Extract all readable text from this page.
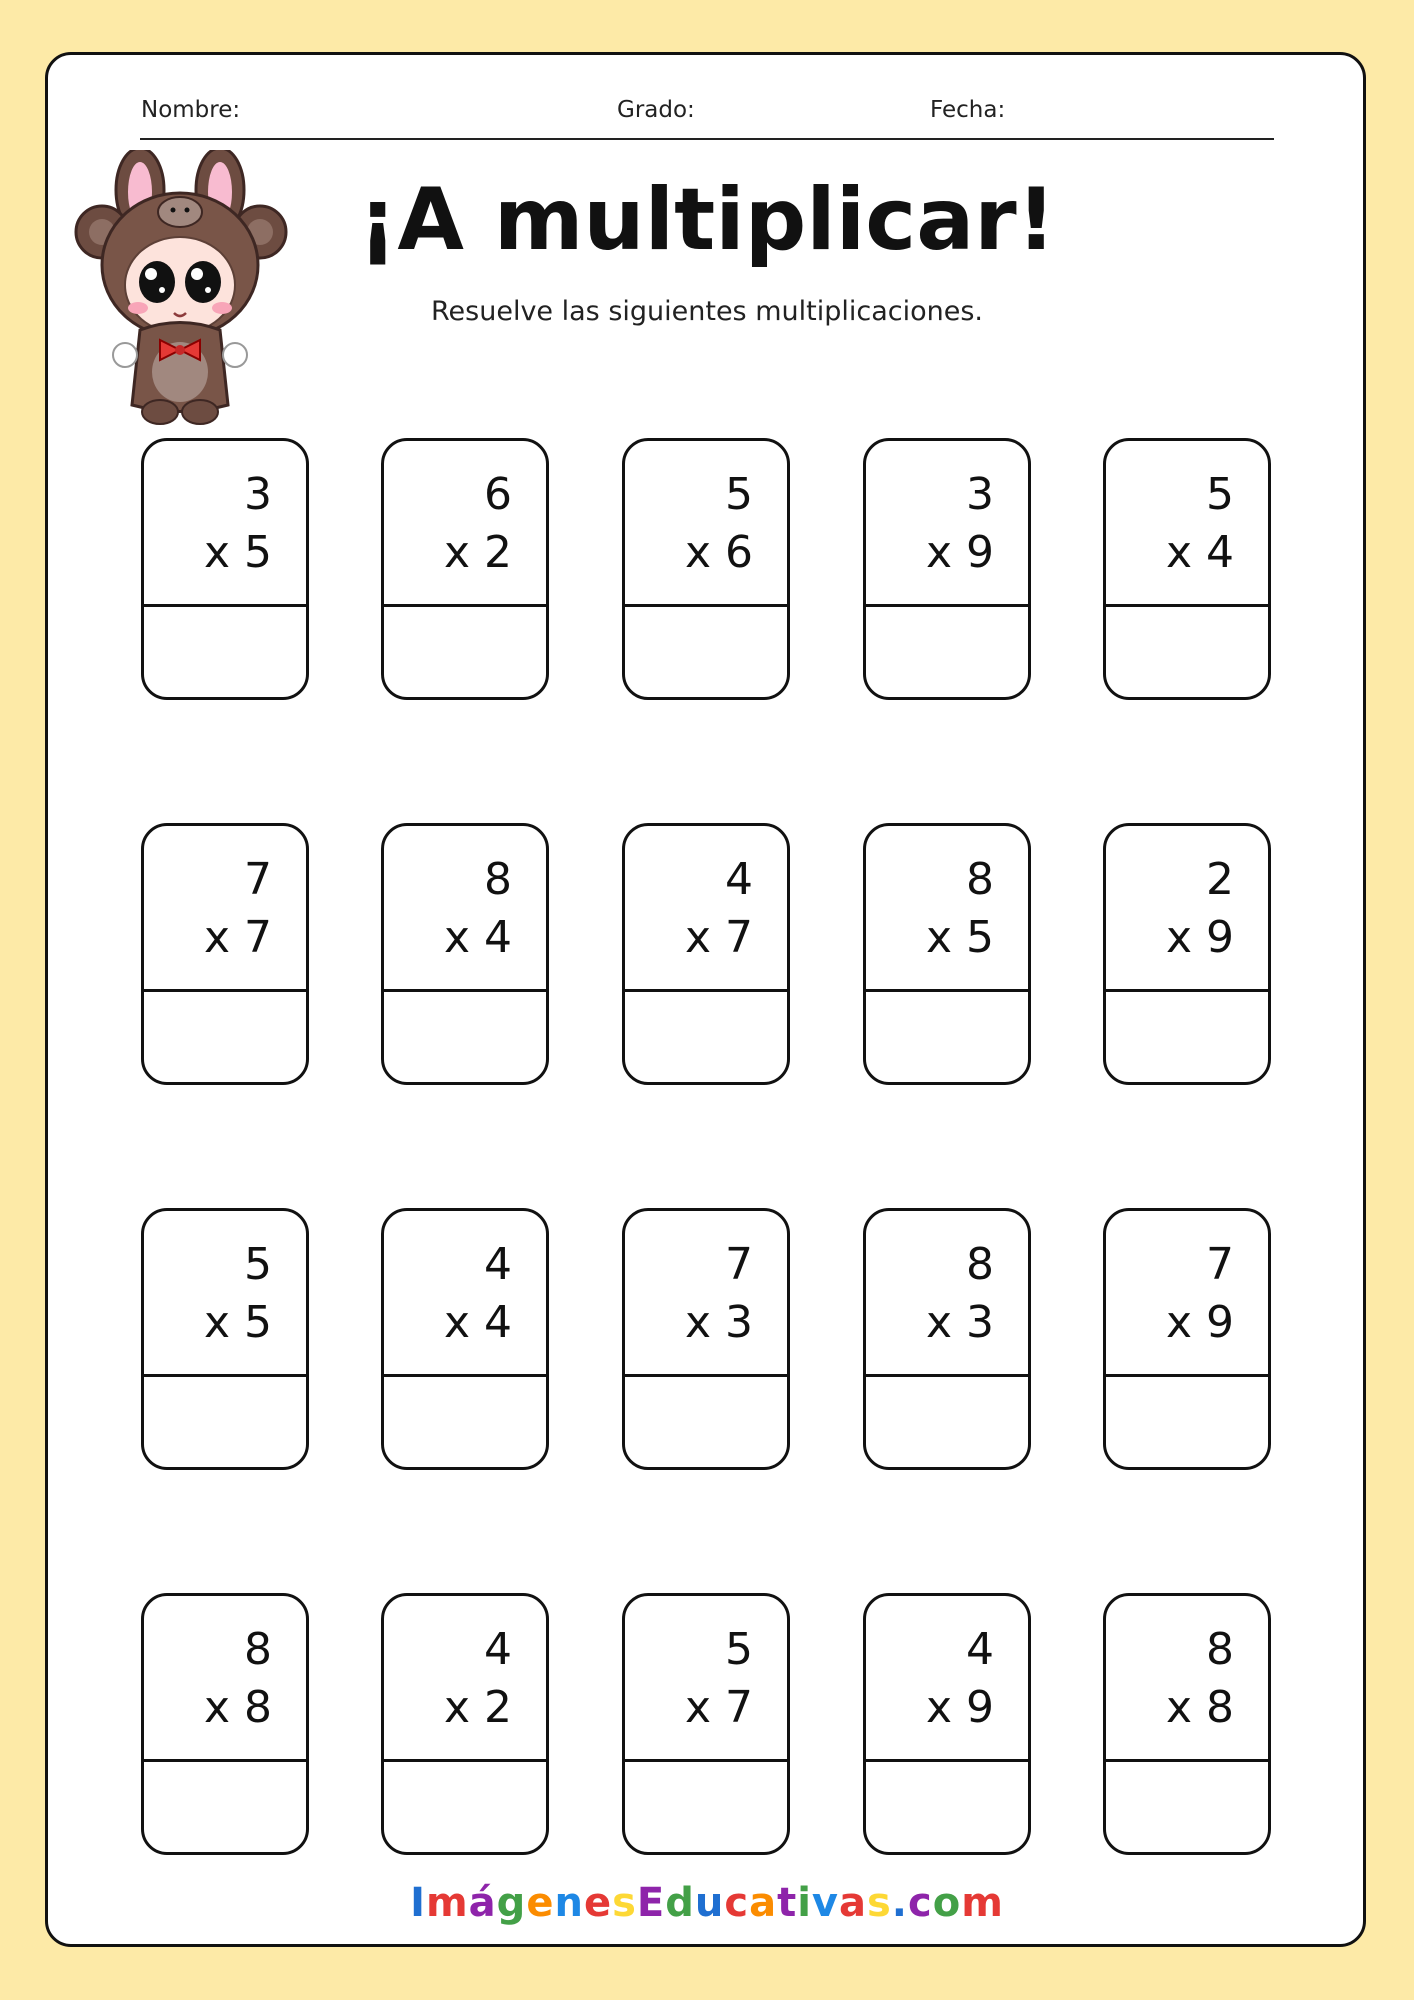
Nombre:	Grado:	Fecha:
¡A multiplicar!
Resuelve las siguientes multiplicaciones.
3
x 5
6
x 2
5
x 6
3
x 9
5
x 4
7
x 7
8
x 4
4
x 7
8
x 5
2
x 9
5
x 5
4
x 4
7
x 3
8
x 3
7
x 9
8
x 8
4
x 2
5
x 7
4
x 9
8
x 8
ImágenesEducativas.com
